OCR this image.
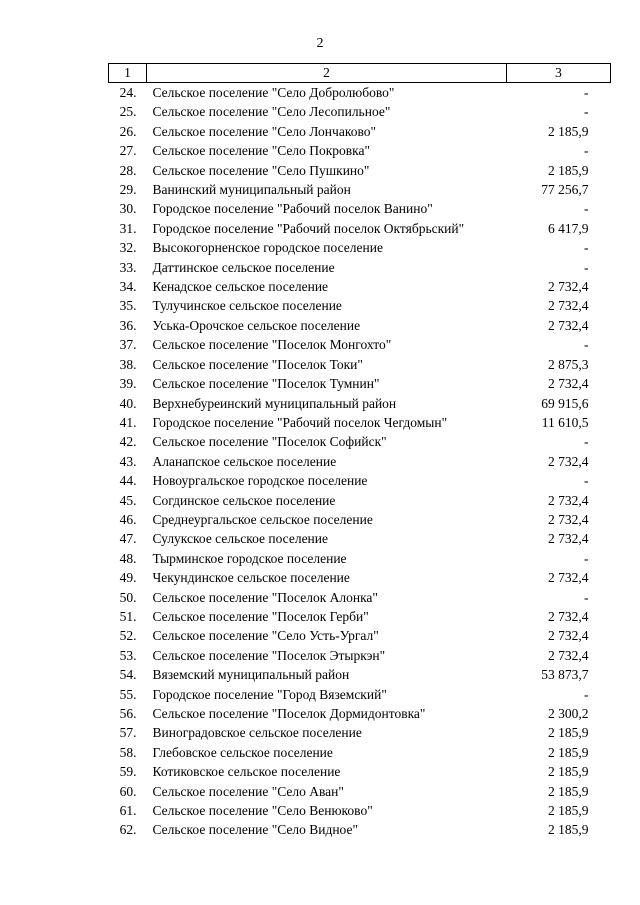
2
1	2	3
24.	Сельское поселение "Село Добролюбово"	-
25.	Сельское поселение "Село Лесопильное"	-
26.	Сельское поселение "Село Лончаково"	2 185,9
27.	Сельское поселение "Село Покровка"	-
28.	Сельское поселение "Село Пушкино"	2 185,9
29.	Ванинский муниципальный район	77 256,7
30.	Городское поселение "Рабочий поселок Ванино"	-
31.	Городское поселение "Рабочий поселок Октябрьский"	6 417,9
32.	Высокогорненское городское поселение	-
33.	Даттинское сельское поселение	-
34.	Кенадское сельское поселение	2 732,4
35.	Тулучинское сельское поселение	2 732,4
36.	Уська-Орочское сельское поселение	2 732,4
37.	Сельское поселение "Поселок Монгохто"	-
38.	Сельское поселение "Поселок Токи"	2 875,3
39.	Сельское поселение "Поселок Тумнин"	2 732,4
40.	Верхнебуреинский муниципальный район	69 915,6
41.	Городское поселение "Рабочий поселок Чегдомын"	11 610,5
42.	Сельское поселение "Поселок Софийск"	-
43.	Аланапское сельское поселение	2 732,4
44.	Новоургальское городское поселение	-
45.	Согдинское сельское поселение	2 732,4
46.	Среднеургальское сельское поселение	2 732,4
47.	Сулукское сельское поселение	2 732,4
48.	Тырминское городское поселение	-
49.	Чекундинское сельское поселение	2 732,4
50.	Сельское поселение "Поселок Алонка"	-
51.	Сельское поселение "Поселок Герби"	2 732,4
52.	Сельское поселение "Село Усть-Ургал"	2 732,4
53.	Сельское поселение "Поселок Этыркэн"	2 732,4
54.	Вяземский муниципальный район	53 873,7
55.	Городское поселение "Город Вяземский"	-
56.	Сельское поселение "Поселок Дормидонтовка"	2 300,2
57.	Виноградовское сельское поселение	2 185,9
58.	Глебовское сельское поселение	2 185,9
59.	Котиковское сельское поселение	2 185,9
60.	Сельское поселение "Село Аван"	2 185,9
61.	Сельское поселение "Село Венюково"	2 185,9
62.	Сельское поселение "Село Видное"	2 185,9
